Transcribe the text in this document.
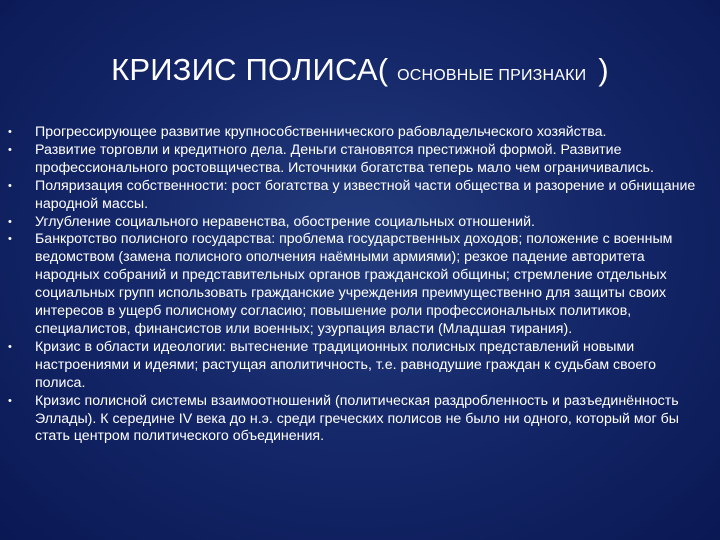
КРИЗИС ПОЛИСА( ОСНОВНЫЕ ПРИЗНАКИ )
• Прогрессирующее развитие крупнособственнического рабовладельческого хозяйства.
• Развитие торговли и кредитного дела. Деньги становятся престижной формой. Развитие профессионального ростовщичества. Источники богатства теперь мало чем ограничивались.
• Поляризация собственности: рост богатства у известной части общества и разорение и обнищание народной массы.
• Углубление социального неравенства, обострение социальных отношений.
• Банкротство полисного государства: проблема государственных доходов; положение с военным ведомством (замена полисного ополчения наёмными армиями); резкое падение авторитета народных собраний и представительных органов гражданской общины; стремление отдельных социальных групп использовать гражданские учреждения преимущественно для защиты своих интересов в ущерб полисному согласию; повышение роли профессиональных политиков, специалистов, финансистов или военных; узурпация власти (Младшая тирания).
• Кризис в области идеологии: вытеснение традиционных полисных представлений новыми настроениями и идеями; растущая аполитичность, т.е. равнодушие граждан к судьбам своего полиса.
• Кризис полисной системы взаимоотношений (политическая раздробленность и разъединённость Эллады). К середине IV века до н.э. среди греческих полисов не было ни одного, который мог бы стать центром политического объединения.
